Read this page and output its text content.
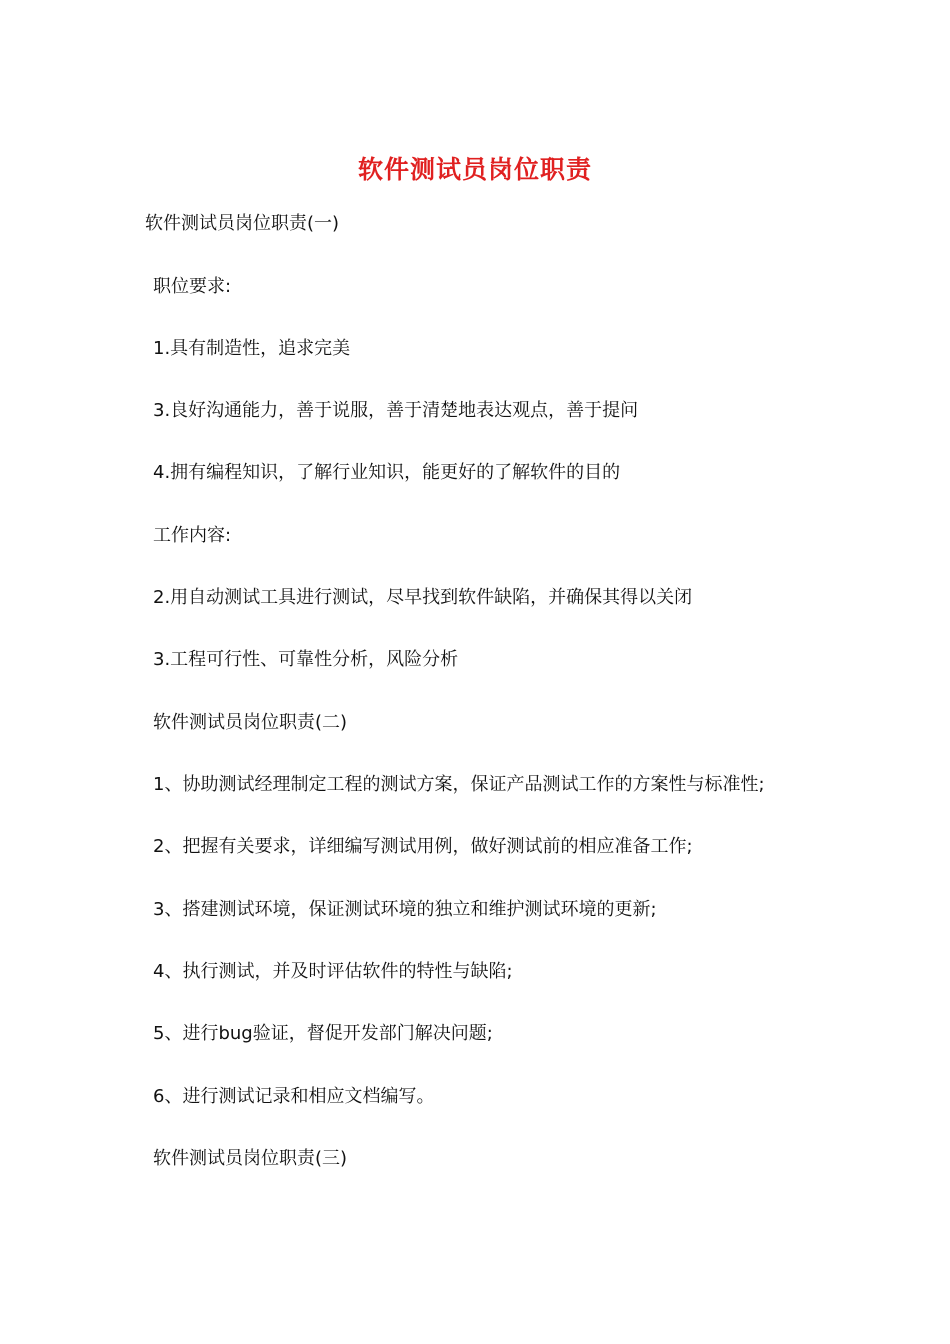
软件测试员岗位职责
软件测试员岗位职责(一)
职位要求:
1.具有制造性，追求完美
3.良好沟通能力，善于说服，善于清楚地表达观点，善于提问
4.拥有编程知识，了解行业知识，能更好的了解软件的目的
工作内容:
2.用自动测试工具进行测试，尽早找到软件缺陷，并确保其得以关闭
3.工程可行性、可靠性分析，风险分析
软件测试员岗位职责(二)
1、协助测试经理制定工程的测试方案，保证产品测试工作的方案性与标准性;
2、把握有关要求，详细编写测试用例，做好测试前的相应准备工作;
3、搭建测试环境，保证测试环境的独立和维护测试环境的更新;
4、执行测试，并及时评估软件的特性与缺陷;
5、进行bug验证，督促开发部门解决问题;
6、进行测试记录和相应文档编写。
软件测试员岗位职责(三)
